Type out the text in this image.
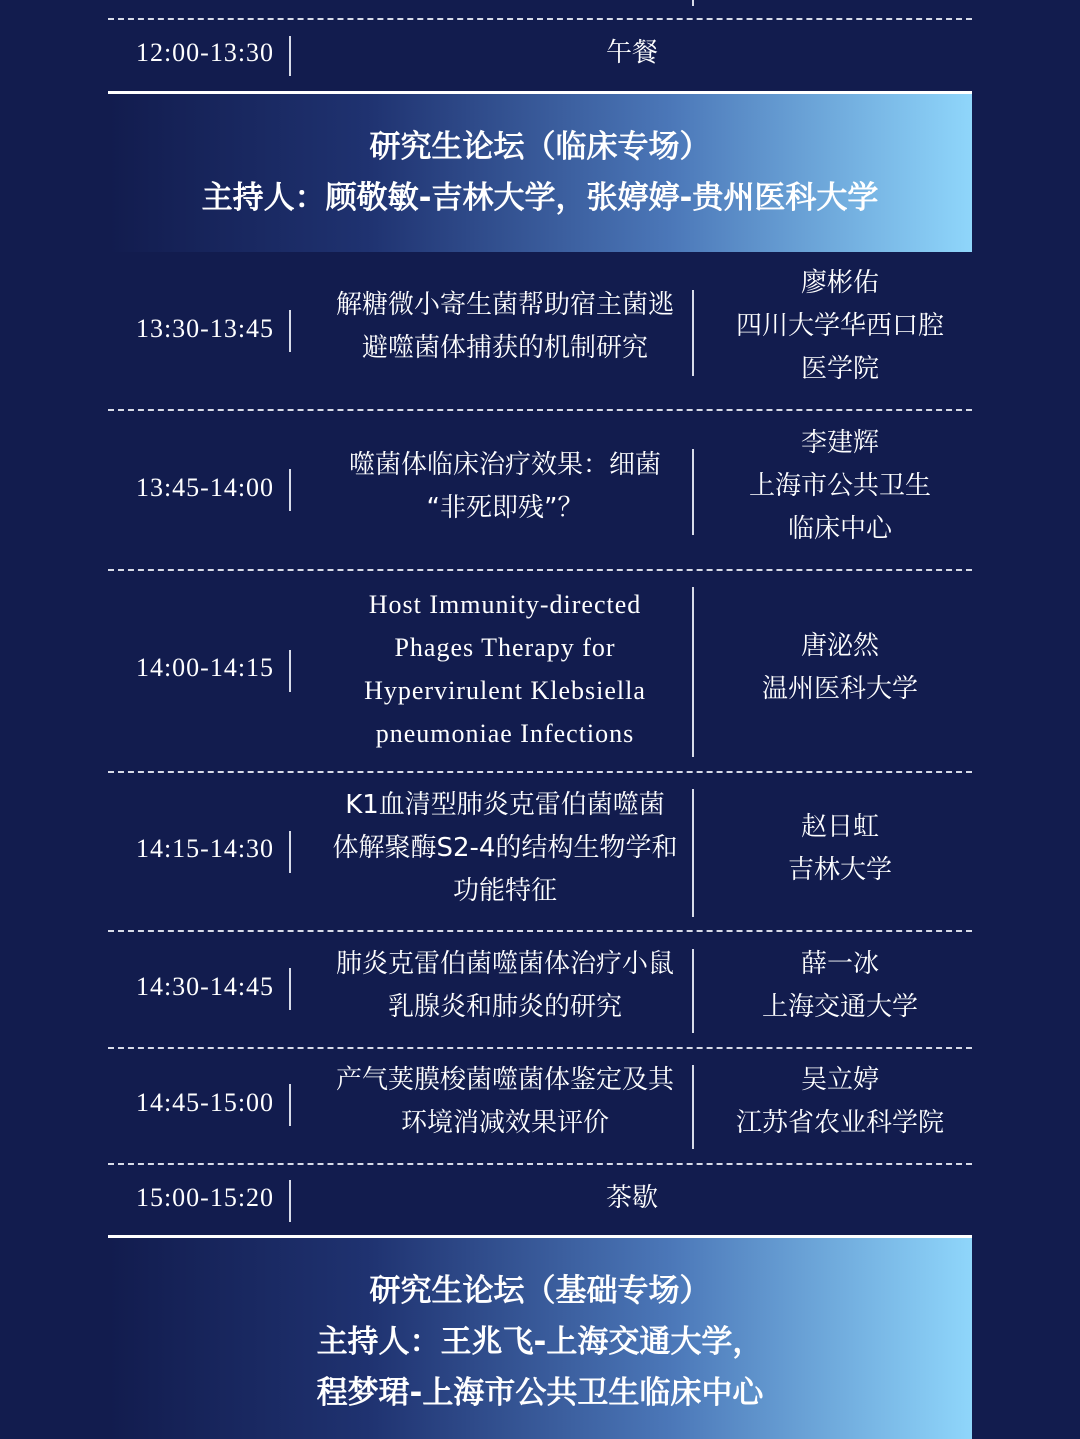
12:00-13:30	午餐
研究生论坛（临床专场）
主持人：顾敬敏-吉林大学，张婷婷-贵州医科大学
13:30-13:45
解糖微小寄生菌帮助宿主菌逃
避噬菌体捕获的机制研究
廖彬佑
四川大学华西口腔
医学院
13:45-14:00
噬菌体临床治疗效果：细菌
“非死即残”？
李建辉
上海市公共卫生
临床中心
14:00-14:15
Host Immunity-directed
Phages Therapy for
Hypervirulent Klebsiella
pneumoniae Infections
唐泌然
温州医科大学
14:15-14:30
K1血清型肺炎克雷伯菌噬菌
体解聚酶S2-4的结构生物学和
功能特征
赵日虹
吉林大学
14:30-14:45
肺炎克雷伯菌噬菌体治疗小鼠
乳腺炎和肺炎的研究
薛一冰
上海交通大学
14:45-15:00
产气荚膜梭菌噬菌体鉴定及其
环境消减效果评价
吴立婷
江苏省农业科学院
15:00-15:20	茶歇
研究生论坛（基础专场）
主持人：王兆飞-上海交通大学，
程梦珺-上海市公共卫生临床中心
